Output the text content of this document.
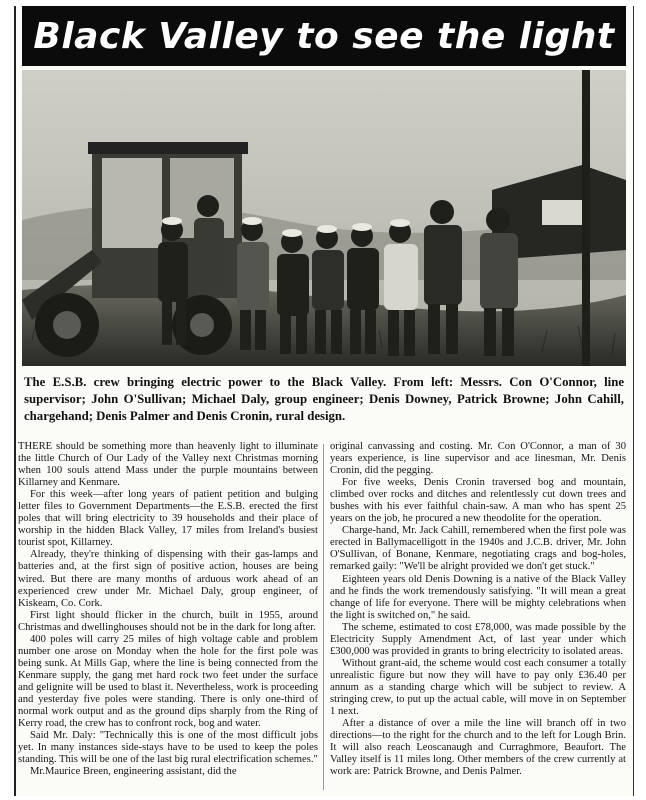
Black Valley to see the light
The E.S.B. crew bringing electric power to the Black Valley. From left: Messrs. Con O'Connor, line supervisor; John O'Sullivan; Michael Daly, group engineer; Denis Downey, Patrick Browne; John Cahill, chargehand; Denis Palmer and Denis Cronin, rural design.

THERE should be something more than heavenly light to illuminate the little Church of Our Lady of the Valley next Christmas morning when 100 souls attend Mass under the purple mountains between Killarney and Kenmare.

For this week—after long years of patient petition and bulging letter files to Government Departments—the E.S.B. erected the first poles that will bring electricity to 39 households and their place of worship in the hidden Black Valley, 17 miles from Ireland's busiest tourist spot, Killarney.

Already, they're thinking of dispensing with their gas-lamps and batteries and, at the first sign of positive action, houses are being wired. But there are many months of arduous work ahead of an experienced crew under Mr. Michael Daly, group engineer, of Kiskeam, Co. Cork.

First light should flicker in the church, built in 1955, around Christmas and dwellinghouses should not be in the dark for long after.

400 poles will carry 25 miles of high voltage cable and problem number one arose on Monday when the hole for the first pole was being sunk. At Mills Gap, where the line is being connected from the Kenmare supply, the gang met hard rock two feet under the surface and gelignite will be used to blast it. Nevertheless, work is proceeding and yesterday five poles were standing. There is only one-third of normal work output and as the ground dips sharply from the Ring of Kerry road, the crew has to confront rock, bog and water.

Said Mr. Daly: "Technically this is one of the most difficult jobs yet. In many instances side-stays have to be used to keep the poles standing. This will be one of the last big rural electrification schemes."

Mr.Maurice Breen, engineering assistant, did the

original canvassing and costing. Mr. Con O'Connor, a man of 30 years experience, is line supervisor and ace linesman, Mr. Denis Cronin, did the pegging.

For five weeks, Denis Cronin traversed bog and mountain, climbed over rocks and ditches and relentlessly cut down trees and bushes with his ever faithful chain-saw. A man who has spent 25 years on the job, he procured a new theodolite for the operation.

Charge-hand, Mr. Jack Cahill, remembered when the first pole was erected in Ballymacelligott in the 1940s and J.C.B. driver, Mr. John O'Sullivan, of Bonane, Kenmare, negotiating crags and bog-holes, remarked gaily: "We'll be alright provided we don't get stuck."

Eighteen years old Denis Downing is a native of the Black Valley and he finds the work tremendously satisfying. "It will mean a great change of life for everyone. There will be mighty celebrations when the light is switched on," he said.

The scheme, estimated to cost £78,000, was made possible by the Electricity Supply Amendment Act, of last year under which £300,000 was provided in grants to bring electricity to isolated areas.

Without grant-aid, the scheme would cost each consumer a totally unrealistic figure but now they will have to pay only £36.40 per annum as a standing charge which will be subject to review. A stringing crew, to put up the actual cable, will move in on September 1 next.

After a distance of over a mile the line will branch off in two directions—to the right for the church and to the left for Lough Brin. It will also reach Leoscanaugh and Curraghmore, Beaufort. The Valley itself is 11 miles long. Other members of the crew currently at work are: Patrick Browne, and Denis Palmer.
